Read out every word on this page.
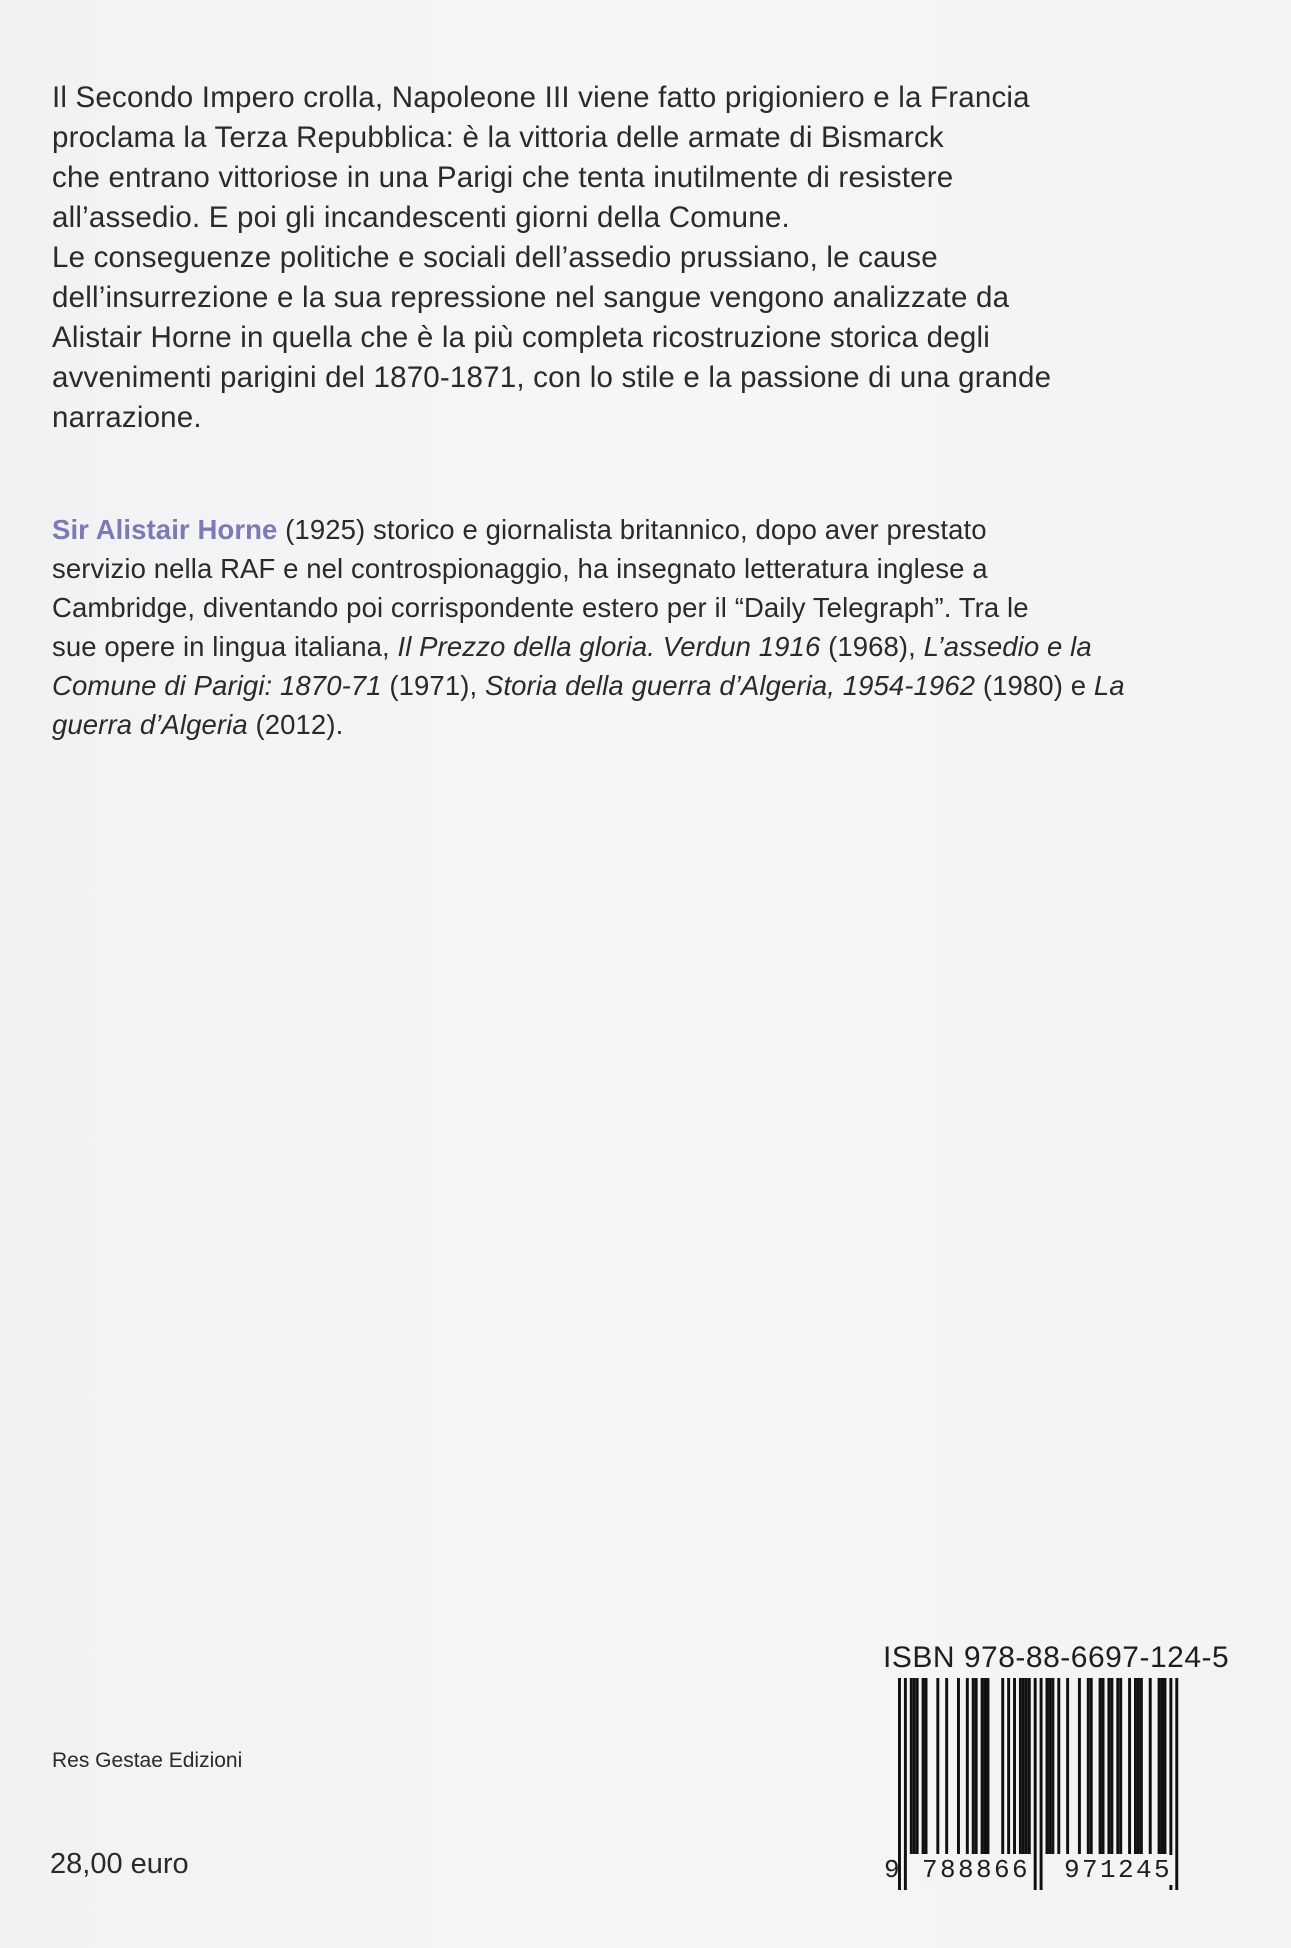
Il Secondo Impero crolla, Napoleone III viene fatto prigioniero e la Francia
proclama la Terza Repubblica: è la vittoria delle armate di Bismarck
che entrano vittoriose in una Parigi che tenta inutilmente di resistere
all’assedio. E poi gli incandescenti giorni della Comune.
Le conseguenze politiche e sociali dell’assedio prussiano, le cause
dell’insurrezione e la sua repressione nel sangue vengono analizzate da
Alistair Horne in quella che è la più completa ricostruzione storica degli
avvenimenti parigini del 1870-1871, con lo stile e la passione di una grande
narrazione.
Sir Alistair Horne (1925) storico e giornalista britannico, dopo aver prestato
servizio nella RAF e nel controspionaggio, ha insegnato letteratura inglese a
Cambridge, diventando poi corrispondente estero per il “Daily Telegraph”. Tra le
sue opere in lingua italiana, Il Prezzo della gloria. Verdun 1916 (1968), L’assedio e la
Comune di Parigi: 1870-71 (1971), Storia della guerra d’Algeria, 1954-1962 (1980) e La
guerra d’Algeria (2012).
ISBN 978-88-6697-124-5
9 788866 971245
Res Gestae Edizioni
28,00 euro
